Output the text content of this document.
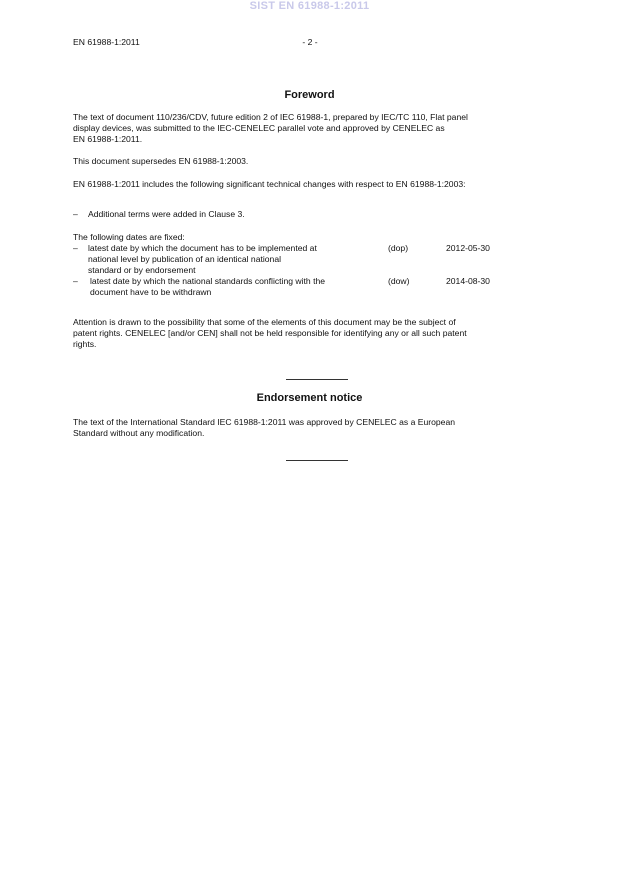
SIST EN 61988-1:2011
EN 61988-1:2011	- 2 -
Foreword
The text of document 110/236/CDV, future edition 2 of IEC 61988-1, prepared by IEC/TC 110, Flat panel
display devices, was submitted to the IEC-CENELEC parallel vote and approved by CENELEC as
EN 61988-1:2011.
This document supersedes EN 61988-1:2003.
EN 61988-1:2011 includes the following significant technical changes with respect to EN 61988-1:2003:
– Additional terms were added in Clause 3.
The following dates are fixed:
– latest date by which the document has to be implemented at
national level by publication of an identical national
standard or by endorsement
(dop)	2012-05-30
– latest date by which the national standards conflicting with the
document have to be withdrawn
(dow)	2014-08-30
Attention is drawn to the possibility that some of the elements of this document may be the subject of
patent rights. CENELEC [and/or CEN] shall not be held responsible for identifying any or all such patent
rights.
Endorsement notice
The text of the International Standard IEC 61988-1:2011 was approved by CENELEC as a European
Standard without any modification.
